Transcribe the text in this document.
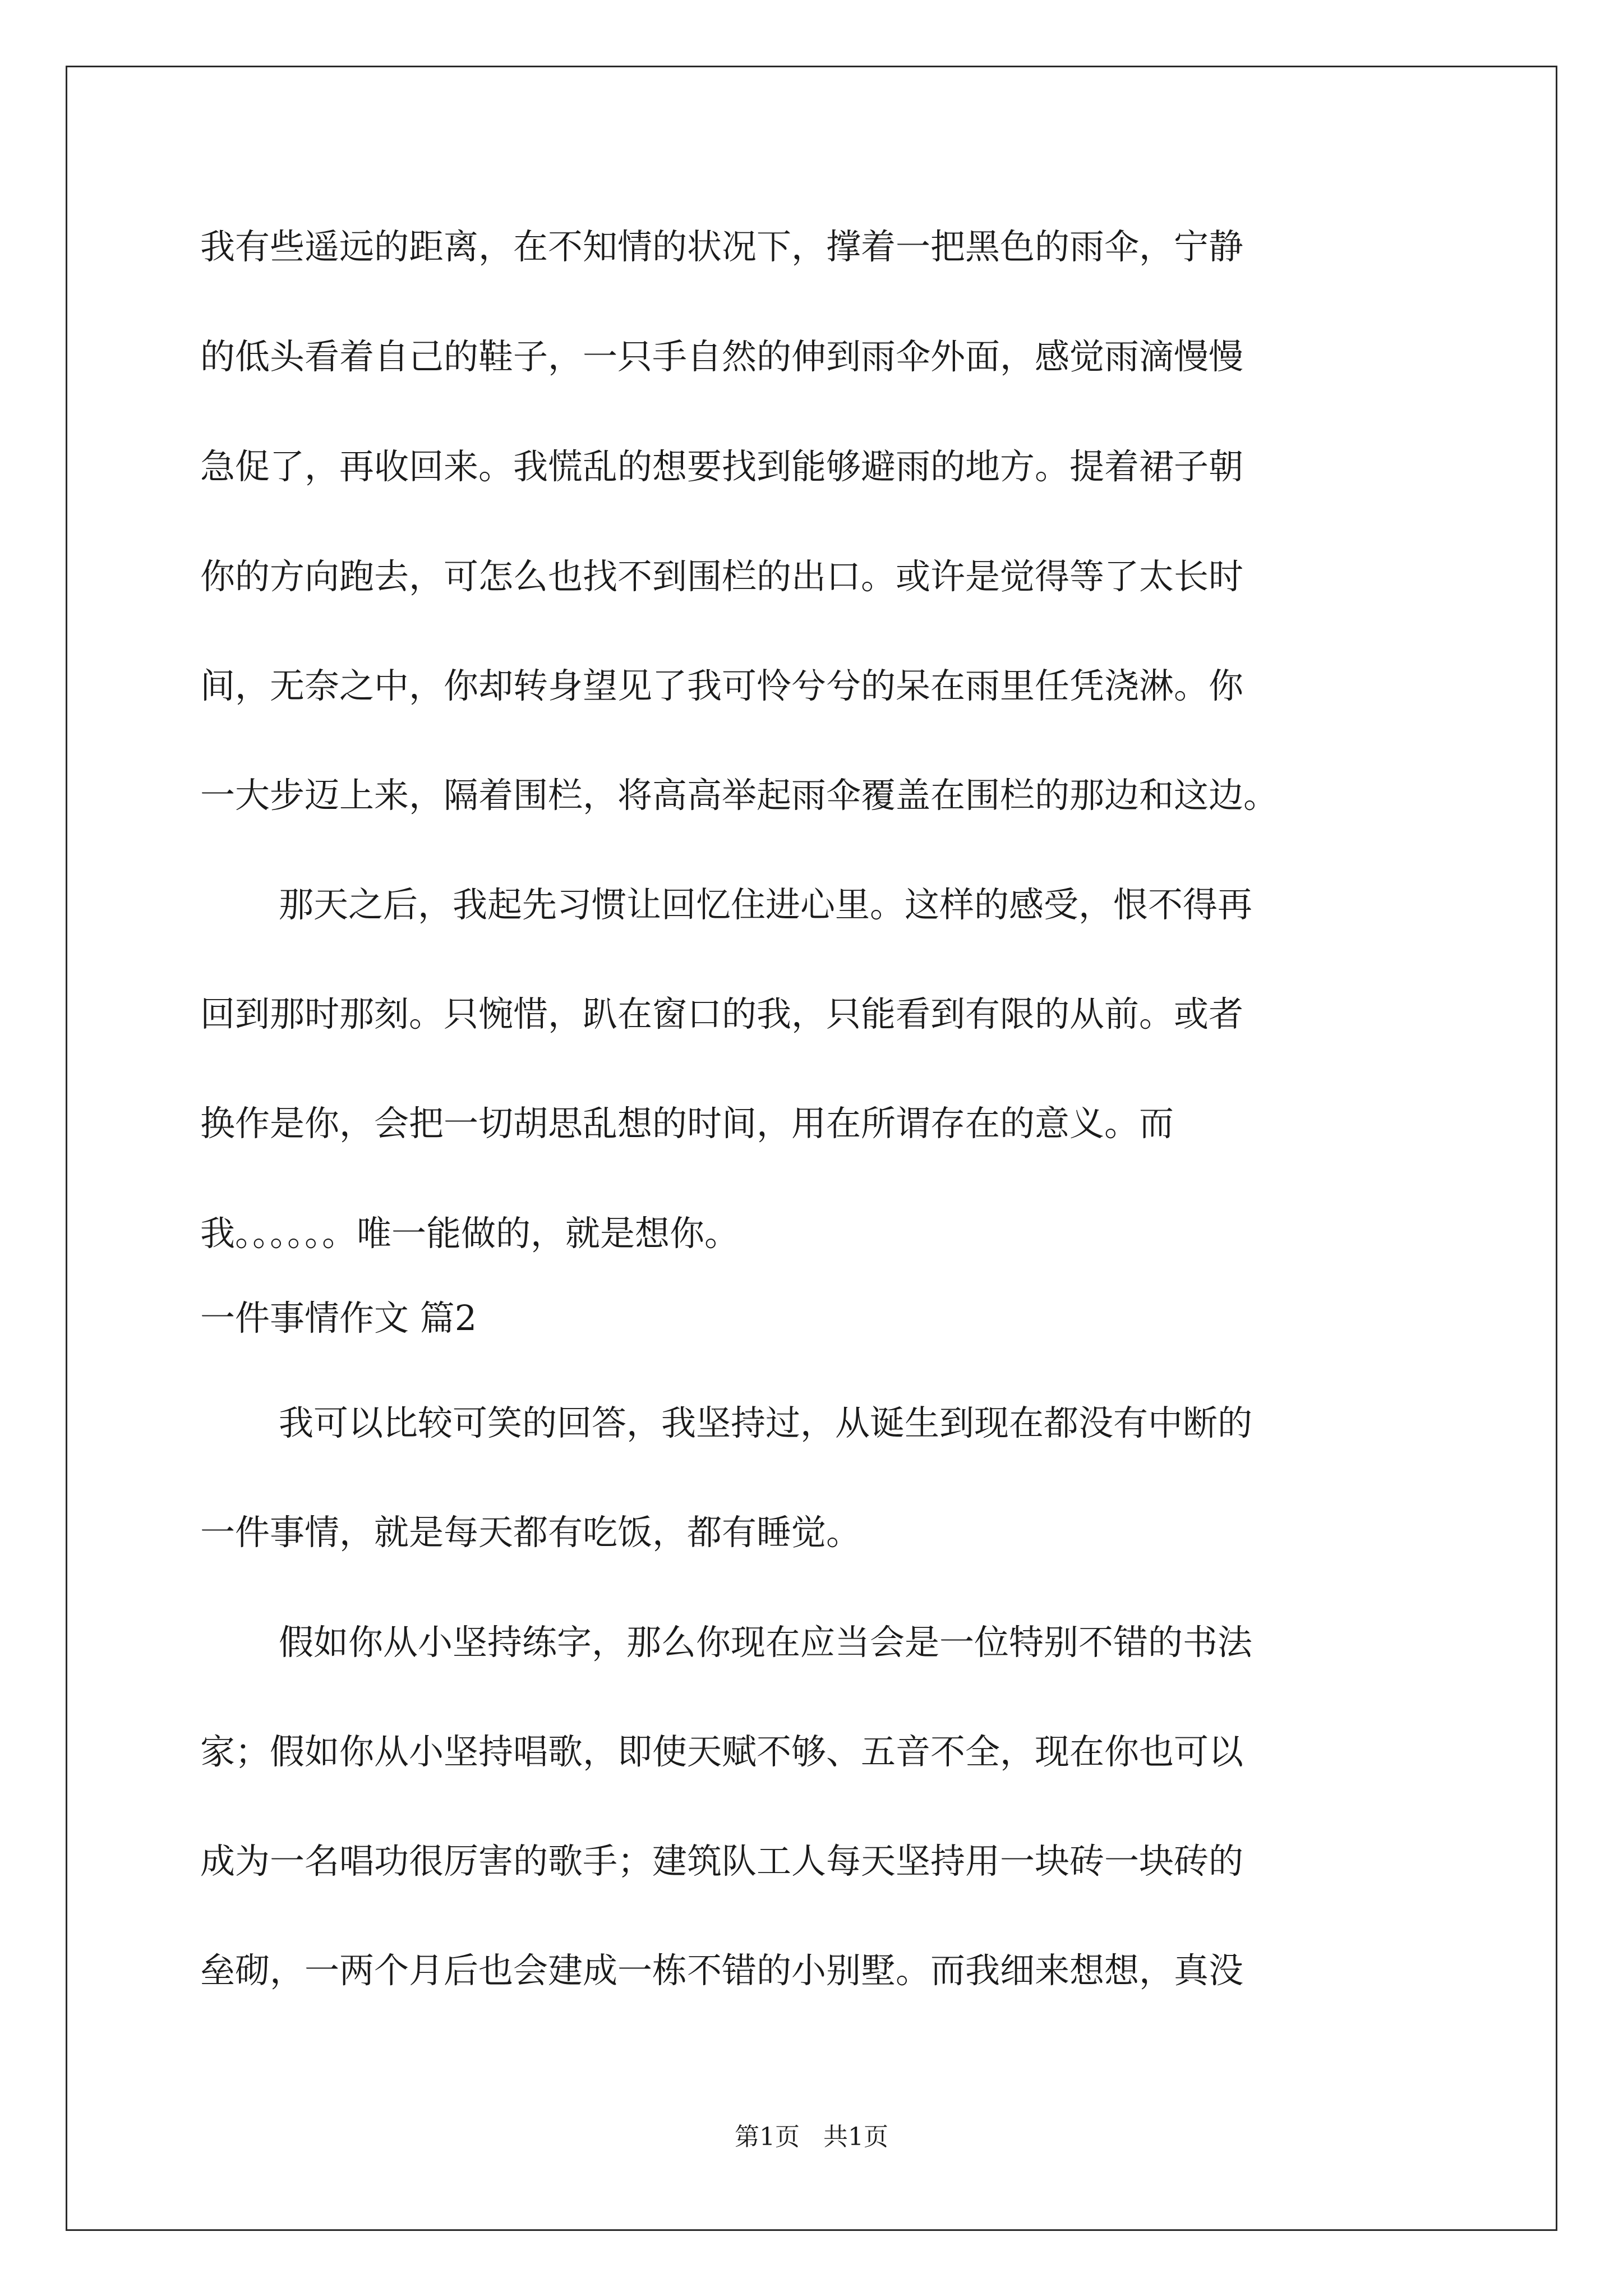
我有些遥远的距离，在不知情的状况下，撑着一把黑色的雨伞，宁静
的低头看着自己的鞋子，一只手自然的伸到雨伞外面，感觉雨滴慢慢
急促了，再收回来。我慌乱的想要找到能够避雨的地方。提着裙子朝
你的方向跑去，可怎么也找不到围栏的出口。或许是觉得等了太长时
间，无奈之中，你却转身望见了我可怜兮兮的呆在雨里任凭浇淋。你
一大步迈上来，隔着围栏，将高高举起雨伞覆盖在围栏的那边和这边。
那天之后，我起先习惯让回忆住进心里。这样的感受，恨不得再
回到那时那刻。只惋惜，趴在窗口的我，只能看到有限的从前。或者
换作是你，会把一切胡思乱想的时间，用在所谓存在的意义。而
我。。。。。。唯一能做的，就是想你。
一件事情作文 篇2
我可以比较可笑的回答，我坚持过，从诞生到现在都没有中断的
一件事情，就是每天都有吃饭，都有睡觉。
假如你从小坚持练字，那么你现在应当会是一位特别不错的书法
家；假如你从小坚持唱歌，即使天赋不够、五音不全，现在你也可以
成为一名唱功很厉害的歌手；建筑队工人每天坚持用一块砖一块砖的
垒砌，一两个月后也会建成一栋不错的小别墅。而我细来想想，真没
第1页   共1页
